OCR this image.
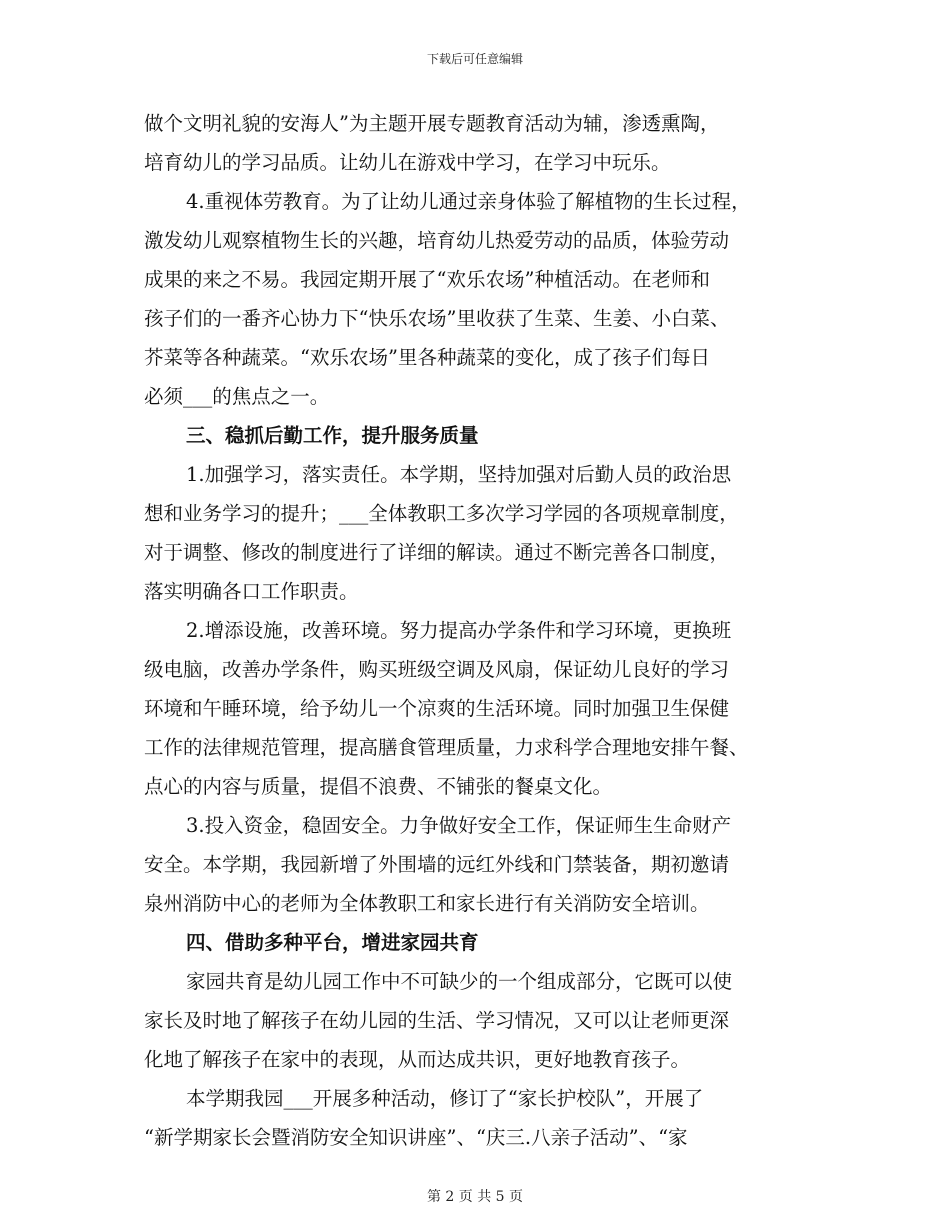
下载后可任意编辑
做个文明礼貌的安海人”为主题开展专题教育活动为辅，渗透熏陶，
培育幼儿的学习品质。让幼儿在游戏中学习，在学习中玩乐。
4.重视体劳教育。为了让幼儿通过亲身体验了解植物的生长过程，
激发幼儿观察植物生长的兴趣，培育幼儿热爱劳动的品质，体验劳动
成果的来之不易。我园定期开展了“欢乐农场”种植活动。在老师和
孩子们的一番齐心协力下“快乐农场”里收获了生菜、生姜、小白菜、
芥菜等各种蔬菜。“欢乐农场”里各种蔬菜的变化，成了孩子们每日
必须___的焦点之一。
三、稳抓后勤工作，提升服务质量
1.加强学习，落实责任。本学期，坚持加强对后勤人员的政治思
想和业务学习的提升；___全体教职工多次学习学园的各项规章制度，
对于调整、修改的制度进行了详细的解读。通过不断完善各口制度，
落实明确各口工作职责。
2.增添设施，改善环境。努力提高办学条件和学习环境，更换班
级电脑，改善办学条件，购买班级空调及风扇，保证幼儿良好的学习
环境和午睡环境，给予幼儿一个凉爽的生活环境。同时加强卫生保健
工作的法律规范管理，提高膳食管理质量，力求科学合理地安排午餐、
点心的内容与质量，提倡不浪费、不铺张的餐桌文化。
3.投入资金，稳固安全。力争做好安全工作，保证师生生命财产
安全。本学期，我园新增了外围墙的远红外线和门禁装备，期初邀请
泉州消防中心的老师为全体教职工和家长进行有关消防安全培训。
四、借助多种平台，增进家园共育
家园共育是幼儿园工作中不可缺少的一个组成部分，它既可以使
家长及时地了解孩子在幼儿园的生活、学习情况，又可以让老师更深
化地了解孩子在家中的表现，从而达成共识，更好地教育孩子。
本学期我园___开展多种活动，修订了“家长护校队”，开展了
“新学期家长会暨消防安全知识讲座”、“庆三.八亲子活动”、“家
第 2 页 共 5 页
